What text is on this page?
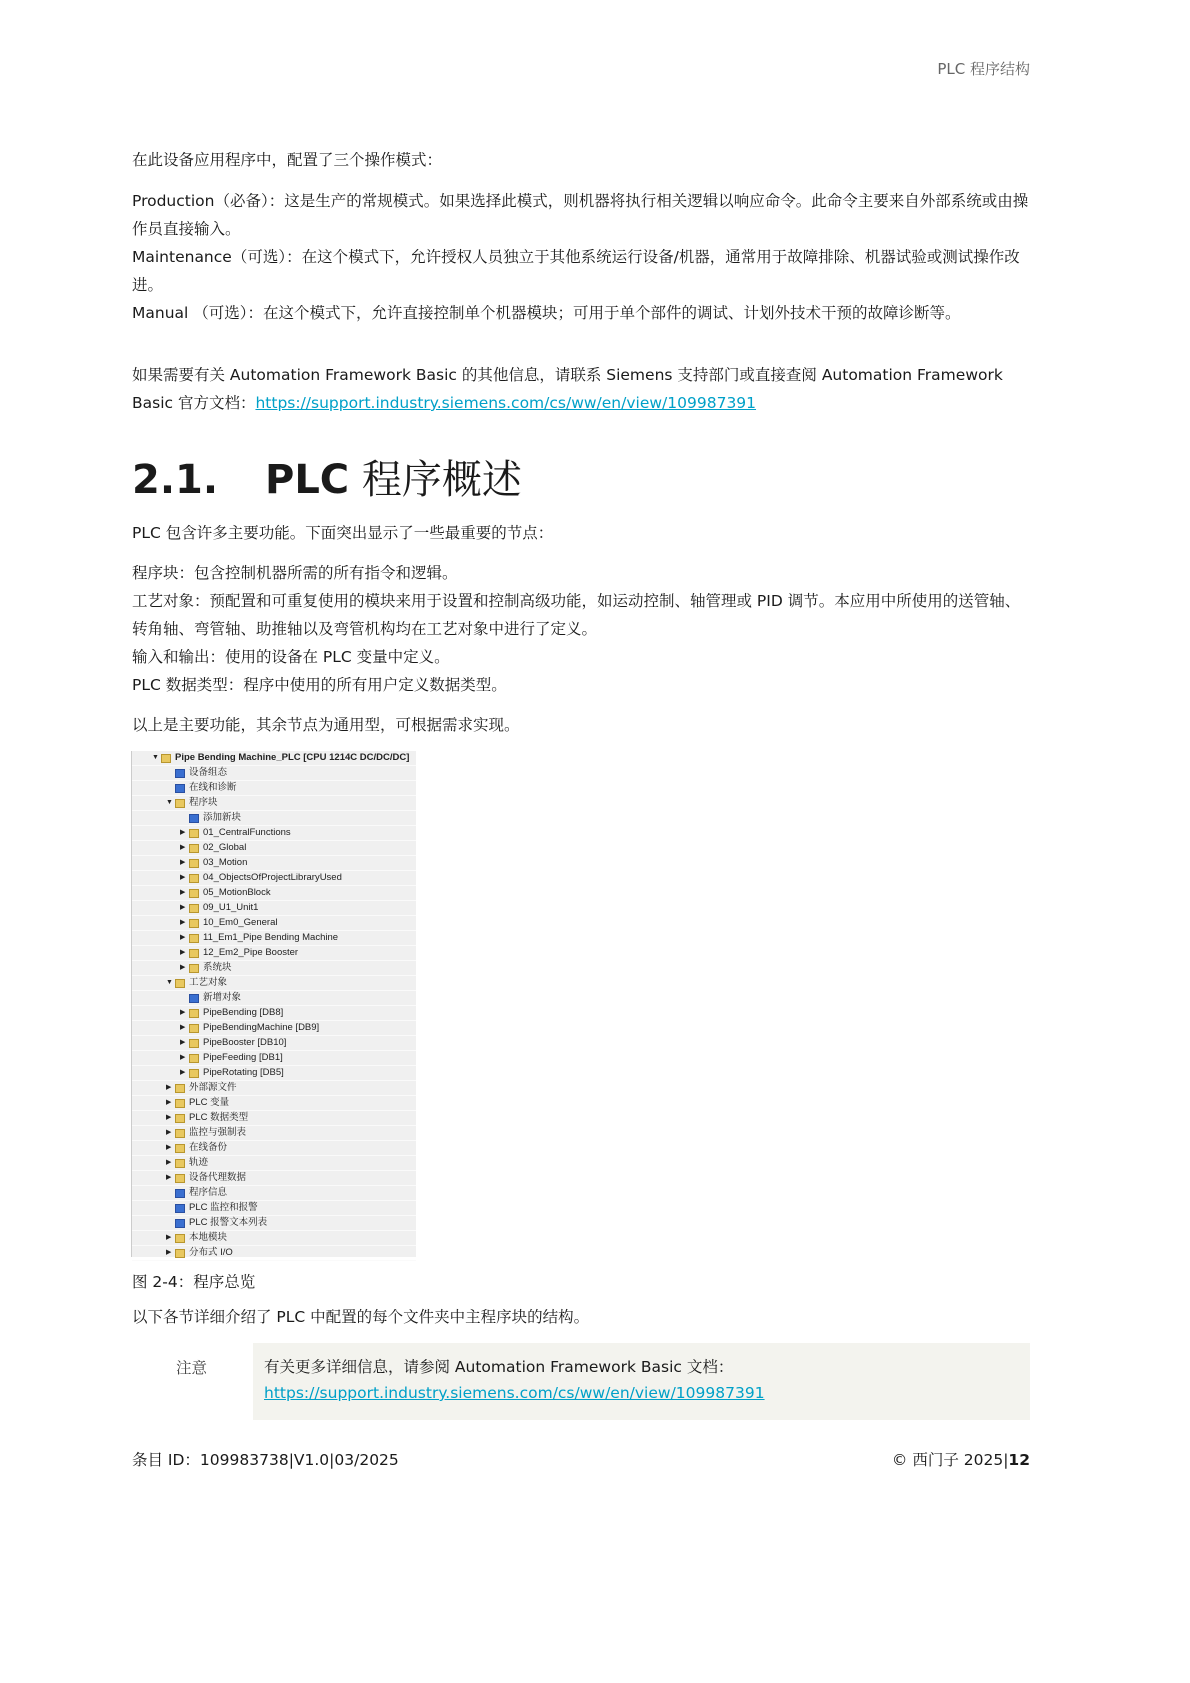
PLC 程序结构
在此设备应用程序中，配置了三个操作模式：
Production（必备）：这是生产的常规模式。如果选择此模式，则机器将执行相关逻辑以响应命令。此命令主要来自外部系统或由操作员直接输入。
Maintenance（可选）：在这个模式下，允许授权人员独立于其他系统运行设备/机器，通常用于故障排除、机器试验或测试操作改进。
Manual （可选）：在这个模式下，允许直接控制单个机器模块；可用于单个部件的调试、计划外技术干预的故障诊断等。
如果需要有关 Automation Framework Basic 的其他信息，请联系 Siemens 支持部门或直接查阅 Automation Framework Basic 官方文档：https://support.industry.siemens.com/cs/ww/en/view/109987391
2.1. PLC 程序概述
PLC 包含许多主要功能。下面突出显示了一些最重要的节点：
程序块：包含控制机器所需的所有指令和逻辑。
工艺对象：预配置和可重复使用的模块来用于设置和控制高级功能，如运动控制、轴管理或 PID 调节。本应用中所使用的送管轴、转角轴、弯管轴、助推轴以及弯管机构均在工艺对象中进行了定义。
输入和输出：使用的设备在 PLC 变量中定义。
PLC 数据类型：程序中使用的所有用户定义数据类型。
以上是主要功能，其余节点为通用型，可根据需求实现。
▼ Pipe Bending Machine_PLC [CPU 1214C DC/DC/DC]
设备组态
在线和诊断
▼ 程序块
添加新块
▶ 01_CentralFunctions
▶ 02_Global
▶ 03_Motion
▶ 04_ObjectsOfProjectLibraryUsed
▶ 05_MotionBlock
▶ 09_U1_Unit1
▶ 10_Em0_General
▶ 11_Em1_Pipe Bending Machine
▶ 12_Em2_Pipe Booster
▶ 系统块
▼ 工艺对象
新增对象
▶ PipeBending [DB8]
▶ PipeBendingMachine [DB9]
▶ PipeBooster [DB10]
▶ PipeFeeding [DB1]
▶ PipeRotating [DB5]
▶ 外部源文件
▶ PLC 变量
▶ PLC 数据类型
▶ 监控与强制表
▶ 在线备份
▶ 轨迹
▶ 设备代理数据
程序信息
PLC 监控和报警
PLC 报警文本列表
▶ 本地模块
▶ 分布式 I/O
图 2-4：程序总览
以下各节详细介绍了 PLC 中配置的每个文件夹中主程序块的结构。
注意	有关更多详细信息，请参阅 Automation Framework Basic 文档：
https://support.industry.siemens.com/cs/ww/en/view/109987391
条目 ID：109983738|V1.0|03/2025	© 西门子 2025|12
